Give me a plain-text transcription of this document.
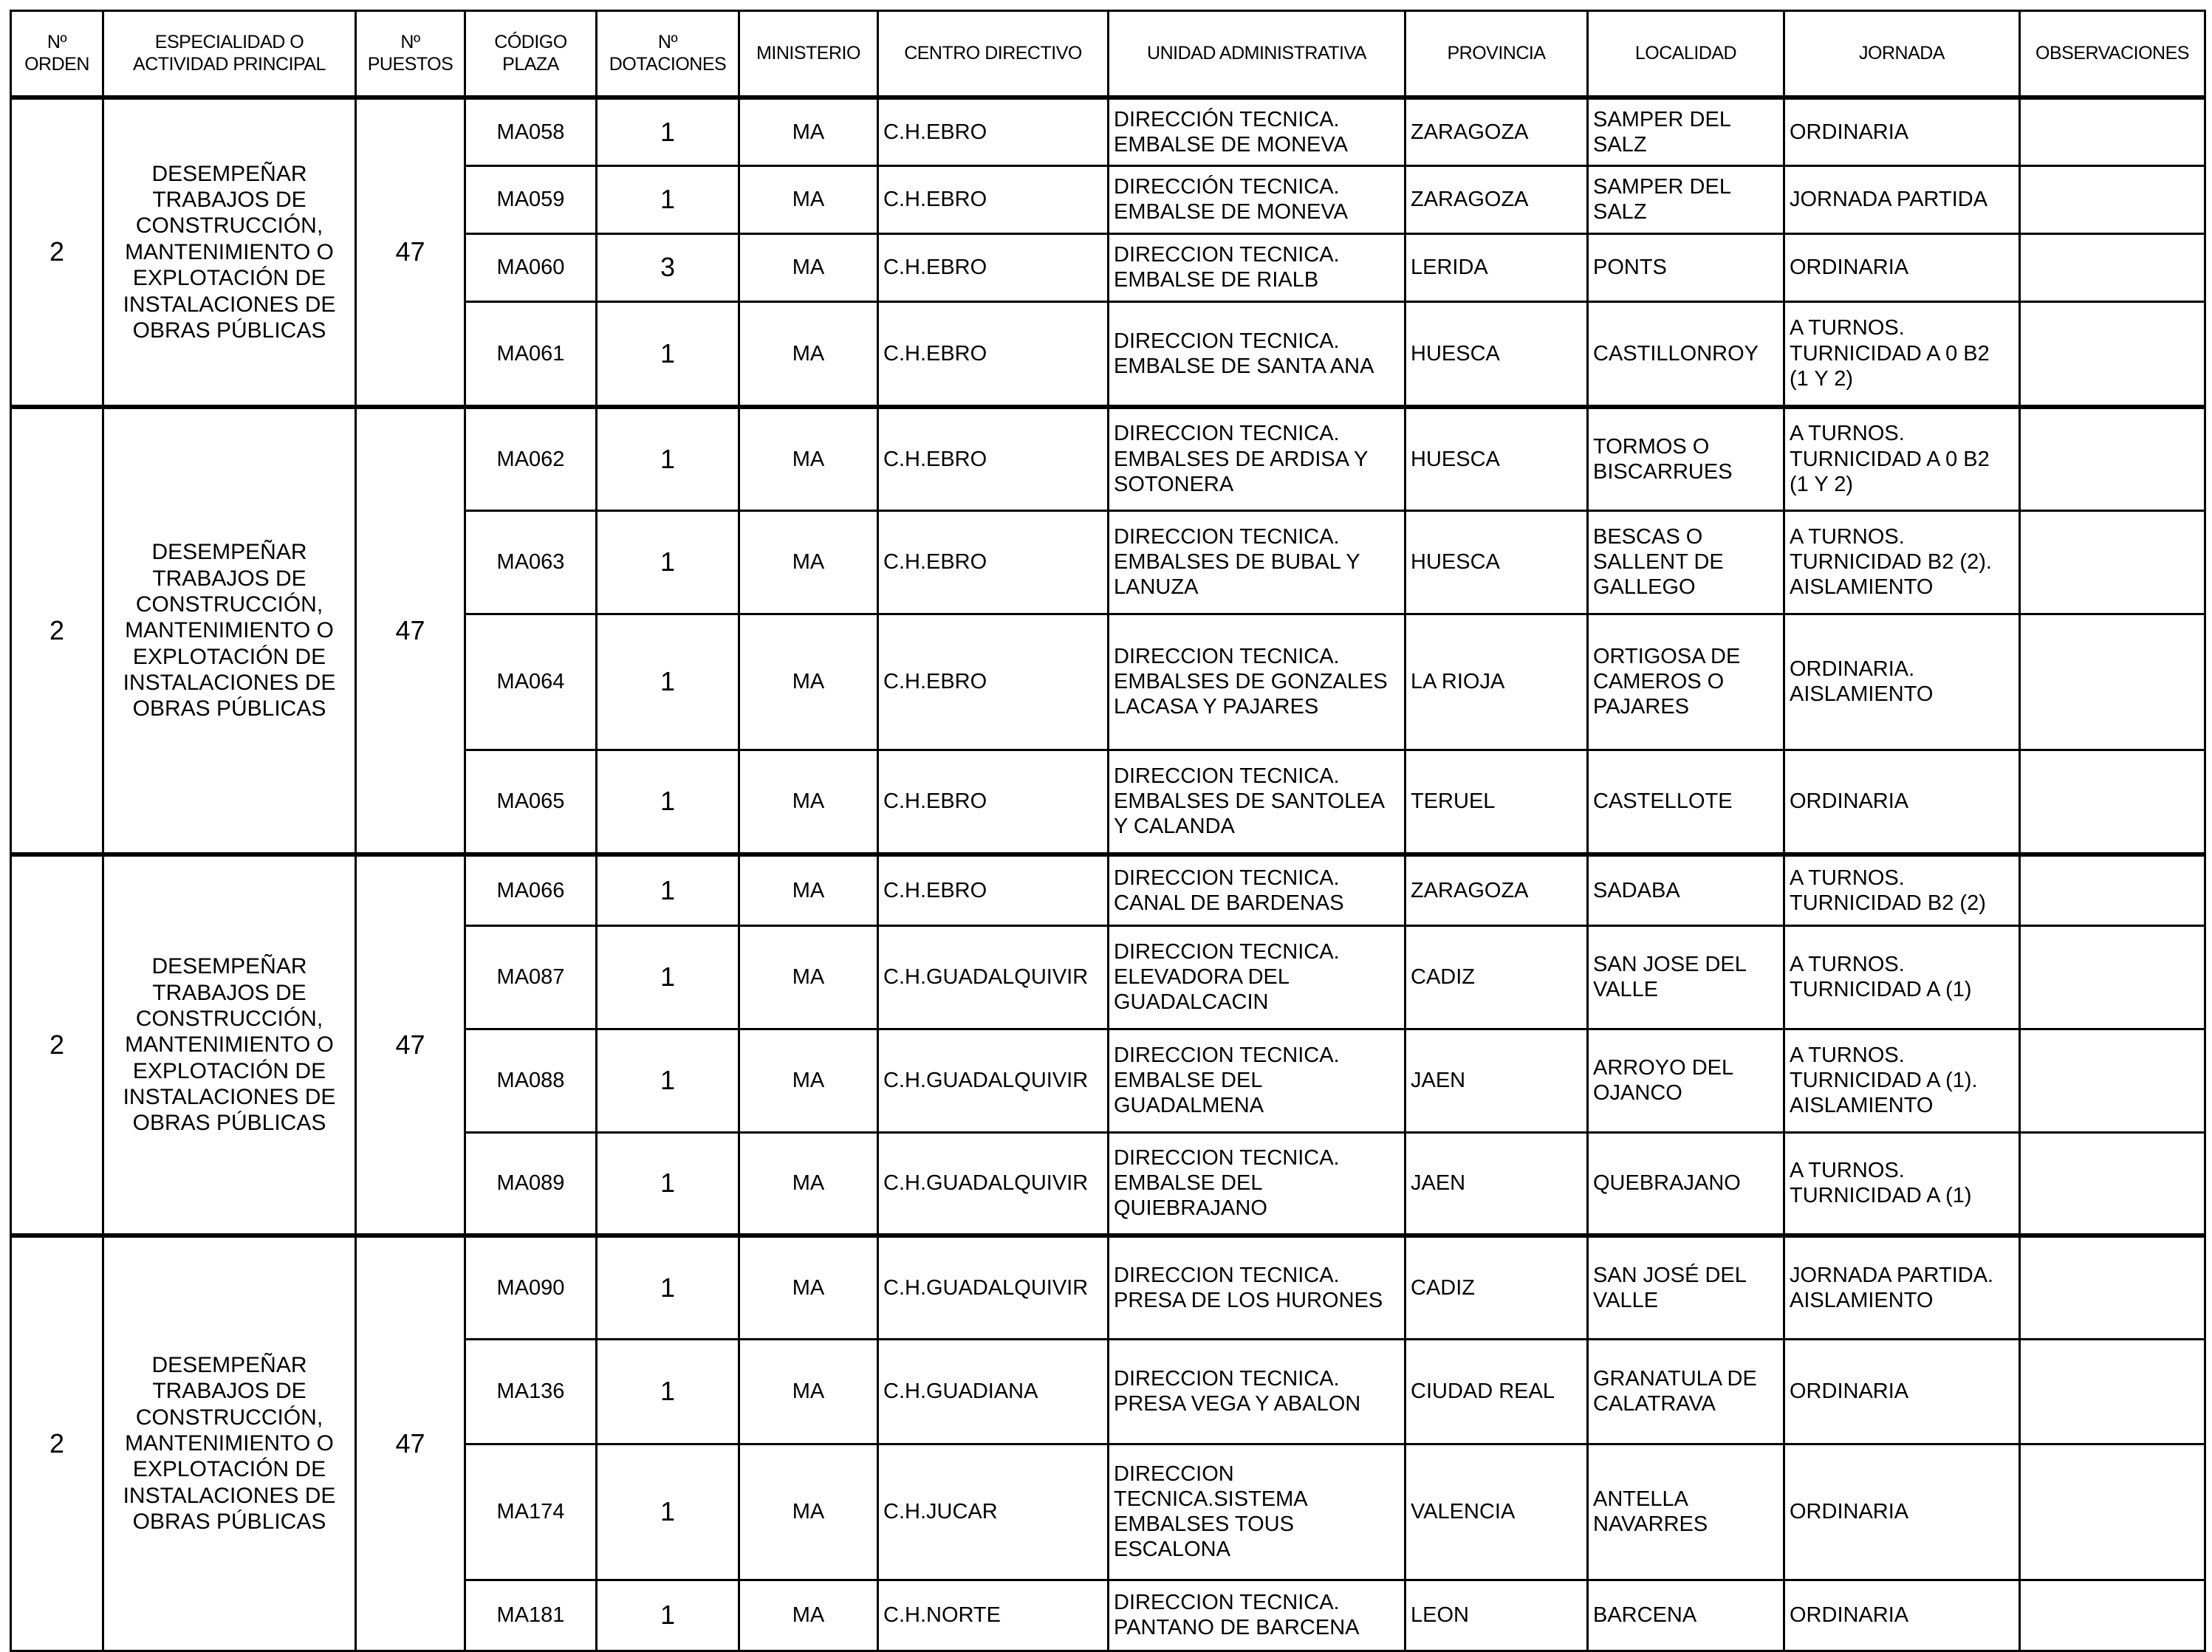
Nº ORDEN	ESPECIALIDAD O ACTIVIDAD PRINCIPAL	Nº PUESTOS	CÓDIGO PLAZA	Nº DOTACIONES	MINISTERIO	CENTRO DIRECTIVO	UNIDAD ADMINISTRATIVA	PROVINCIA	LOCALIDAD	JORNADA	OBSERVACIONES
2	DESEMPEÑAR TRABAJOS DE CONSTRUCCIÓN, MANTENIMIENTO O EXPLOTACIÓN DE INSTALACIONES DE OBRAS PÚBLICAS	47	MA058	1	MA	C.H.EBRO	DIRECCIÓN TECNICA. EMBALSE DE MONEVA	ZARAGOZA	SAMPER DEL SALZ	ORDINARIA	
			MA059	1	MA	C.H.EBRO	DIRECCIÓN TECNICA. EMBALSE DE MONEVA	ZARAGOZA	SAMPER DEL SALZ	JORNADA PARTIDA	
			MA060	3	MA	C.H.EBRO	DIRECCION TECNICA. EMBALSE DE RIALB	LERIDA	PONTS	ORDINARIA	
			MA061	1	MA	C.H.EBRO	DIRECCION TECNICA. EMBALSE DE SANTA ANA	HUESCA	CASTILLONROY	A TURNOS. TURNICIDAD A 0 B2 (1 Y 2)	
2	DESEMPEÑAR TRABAJOS DE CONSTRUCCIÓN, MANTENIMIENTO O EXPLOTACIÓN DE INSTALACIONES DE OBRAS PÚBLICAS	47	MA062	1	MA	C.H.EBRO	DIRECCION TECNICA. EMBALSES DE ARDISA Y SOTONERA	HUESCA	TORMOS O BISCARRUES	A TURNOS. TURNICIDAD A 0 B2 (1 Y 2)	
			MA063	1	MA	C.H.EBRO	DIRECCION TECNICA. EMBALSES DE BUBAL Y LANUZA	HUESCA	BESCAS O SALLENT DE GALLEGO	A TURNOS. TURNICIDAD B2 (2). AISLAMIENTO	
			MA064	1	MA	C.H.EBRO	DIRECCION TECNICA. EMBALSES DE GONZALES LACASA Y PAJARES	LA RIOJA	ORTIGOSA DE CAMEROS O PAJARES	ORDINARIA. AISLAMIENTO	
			MA065	1	MA	C.H.EBRO	DIRECCION TECNICA. EMBALSES DE SANTOLEA Y CALANDA	TERUEL	CASTELLOTE	ORDINARIA	
2	DESEMPEÑAR TRABAJOS DE CONSTRUCCIÓN, MANTENIMIENTO O EXPLOTACIÓN DE INSTALACIONES DE OBRAS PÚBLICAS	47	MA066	1	MA	C.H.EBRO	DIRECCION TECNICA. CANAL DE BARDENAS	ZARAGOZA	SADABA	A TURNOS. TURNICIDAD B2 (2)	
			MA087	1	MA	C.H.GUADALQUIVIR	DIRECCION TECNICA. ELEVADORA DEL GUADALCACIN	CADIZ	SAN JOSE DEL VALLE	A TURNOS. TURNICIDAD A (1)	
			MA088	1	MA	C.H.GUADALQUIVIR	DIRECCION TECNICA. EMBALSE DEL GUADALMENA	JAEN	ARROYO DEL OJANCO	A TURNOS. TURNICIDAD A (1). AISLAMIENTO	
			MA089	1	MA	C.H.GUADALQUIVIR	DIRECCION TECNICA. EMBALSE DEL QUIEBRAJANO	JAEN	QUEBRAJANO	A TURNOS. TURNICIDAD A (1)	
2	DESEMPEÑAR TRABAJOS DE CONSTRUCCIÓN, MANTENIMIENTO O EXPLOTACIÓN DE INSTALACIONES DE OBRAS PÚBLICAS	47	MA090	1	MA	C.H.GUADALQUIVIR	DIRECCION TECNICA. PRESA DE LOS HURONES	CADIZ	SAN JOSÉ DEL VALLE	JORNADA PARTIDA. AISLAMIENTO	
			MA136	1	MA	C.H.GUADIANA	DIRECCION TECNICA. PRESA VEGA Y ABALON	CIUDAD REAL	GRANATULA DE CALATRAVA	ORDINARIA	
			MA174	1	MA	C.H.JUCAR	DIRECCION TECNICA.SISTEMA EMBALSES TOUS ESCALONA	VALENCIA	ANTELLA NAVARRES	ORDINARIA	
			MA181	1	MA	C.H.NORTE	DIRECCION TECNICA. PANTANO DE BARCENA	LEON	BARCENA	ORDINARIA	
